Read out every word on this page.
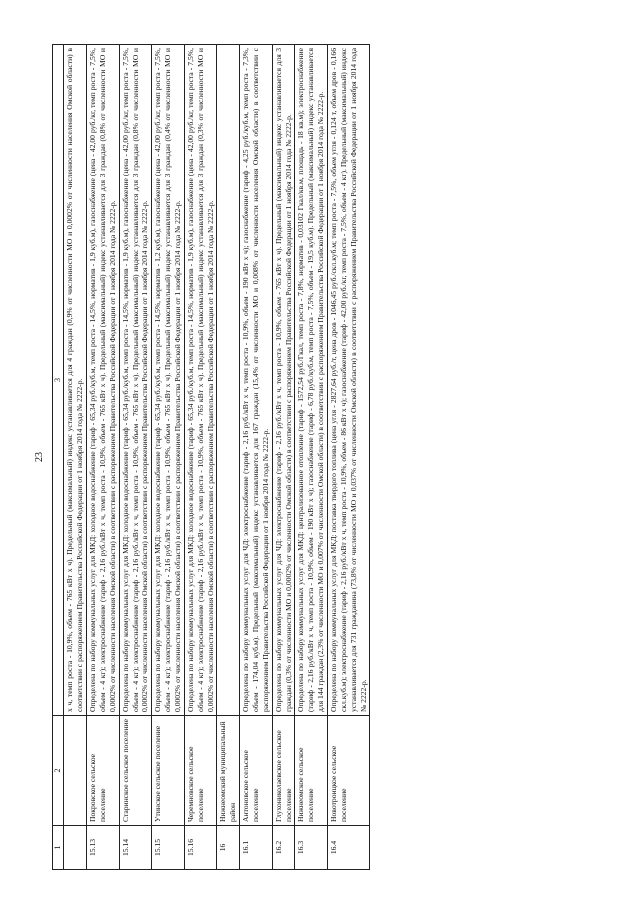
23
1	2	3
		х ч, темп роста - 10,9%, объем - 765 кВт х ч). Предельный (максимальный) индекс устанавливается для 4 граждан (0,9% от численности МО и 0,0002% от численности населения Омской области) в соответствии с распоряжением Правительства Российской Федерации от 1 ноября 2014 года № 2222-р.
15.13	Покровское сельское поселение	Определена по набору коммунальных услуг для МКД: холодное водоснабжение (тариф - 65,34 руб./куб.м, темп роста - 14,5%, норматив - 1,9 куб.м), газоснабжение (цена - 42,00 руб./кг, темп роста - 7,5%, объем - 4 кг); электроснабжение (тариф - 2,16 руб./кВт х ч, темп роста - 10,9%, объем - 765 кВт х ч). Предельный (максимальный) индекс устанавливается для 3 граждан (0,8% от численности МО и 0,0002% от численности населения Омской области) в соответствии с распоряжением Правительства Российской Федерации от 1 ноября 2014 года № 2222-р.
15.14	Старинское сельское поселение	Определена по набору коммунальных услуг для МКД: холодное водоснабжение (тариф - 65,34 руб./куб.м, темп роста - 14,5%, норматив - 1,9 куб.м), газоснабжение (цена - 42,00 руб./кг, темп роста - 7,5%, объем - 4 кг); электроснабжение (тариф - 2,16 руб./кВт х ч, темп роста - 10,9%, объем - 765 кВт х ч). Предельный (максимальный) индекс устанавливается для 3 граждан (0,8% от численности МО и 0,0002% от численности населения Омской области) в соответствии с распоряжением Правительства Российской Федерации от 1 ноября 2014 года № 2222-р.
15.15	Утинское сельское поселение	Определена по набору коммунальных услуг для МКД: холодное водоснабжение (тариф - 65,34 руб./куб.м, темп роста - 14,5%, норматив - 1,2 куб.м), газоснабжение (цена - 42,00 руб./кг, темп роста - 7,5%, объем - 4 кг); электроснабжение (тариф - 2,16 руб./кВт х ч, темп роста - 10,9%, объем - 765 кВт х ч). Предельный (максимальный) индекс устанавливается для 3 граждан (0,4% от численности МО и 0,0002% от численности населения Омской области) в соответствии с распоряжением Правительства Российской Федерации от 1 ноября 2014 года № 2222-р.
15.16	Черемновское сельское поселение	Определена по набору коммунальных услуг для МКД: холодное водоснабжение (тариф - 65,34 руб./куб.м, темп роста - 14,5%, норматив - 1,9 куб.м), газоснабжение (цена - 42,00 руб./кг, темп роста - 7,5%, объем - 4 кг); электроснабжение (тариф - 2,16 руб./кВт х ч, темп роста - 10,9%, объем - 765 кВт х ч). Предельный (максимальный) индекс устанавливается для 3 граждан (0,3% от численности МО и 0,0002% от численности населения Омской области) в соответствии с распоряжением Правительства Российской Федерации от 1 ноября 2014 года № 2222-р.
16	Нижнеомский муниципальный район	
16.1	Антоновское сельское поселение	Определена по набору коммунальных услуг для ЧД: электроснабжение (тариф - 2,16 руб./кВт х ч, темп роста - 10,9%, объем - 190 кВт х ч); газоснабжение (тариф - 4,25 руб./куб.м, темп роста - 7,3%, объем - 174,04 куб.м). Предельный (максимальный) индекс устанавливается для 167 граждан (15,4% от численности МО и 0,008% от численности населения Омской области) в соответствии с распоряжением Правительства Российской Федерации от 1 ноября 2014 года № 2222-р.
16.2	Глухониколаевское сельское поселение	Определена по набору коммунальных услуг для ЧД: электроснабжение (тариф - 2,16 руб./кВт х ч, темп роста - 10,9%, объем - 765 кВт х ч). Предельный (максимальный) индекс устанавливается для 3 граждан (0,3% от численности МО и 0,0002% от численности Омской области) в соответствии с распоряжением Правительства Российской Федерации от 1 ноября 2014 года № 2222-р.
16.3	Нижнеомское сельское поселение	Определена по набору коммунальных услуг для МКД: централизованное отопление (тариф - 1572,54 руб./Гкал, темп роста - 7,8%, норматив - 0,03102 Гкал/кв.м, площадь - 18 кв.м); электроснабжение (тариф - 2,16 руб./кВт х ч, темп роста - 10,9%, объем - 190 кВт х ч); газоснабжение (тариф - 6,78 руб./куб.м, темп роста - 7,5%, объем - 19,5 куб.м). Предельный (максимальный) индекс устанавливается для 144 граждан (2,3% от численности МО и 0,007% от численности Омской области) в соответствии с распоряжением Правительства Российской Федерации от 1 ноября 2014 года № 2222-р.
16.4	Новотроицкое сельское поселение	Определена по набору коммунальных услуг для МКД: поставка твердого топлива (цена угля - 2827,64 руб./т, цена дров - 1046,45 руб./скл.куб.м; темп роста - 7,5%, объем угля - 0,124 т, объем дров - 0,166 скл.куб.м); электроснабжение (тариф - 2,16 руб./кВт х ч, темп роста - 10,9%, объем - 86 кВт х ч); газоснабжение (тариф - 42,00 руб./кг, темп роста - 7,5%, объем - 4 кг). Предельный (максимальный) индекс устанавливается для 731 гражданина (73,8% от численности МО и 0,037% от численности Омской области) в соответствии с распоряжением Правительства Российской Федерации от 1 ноября 2014 года № 2222-р.
